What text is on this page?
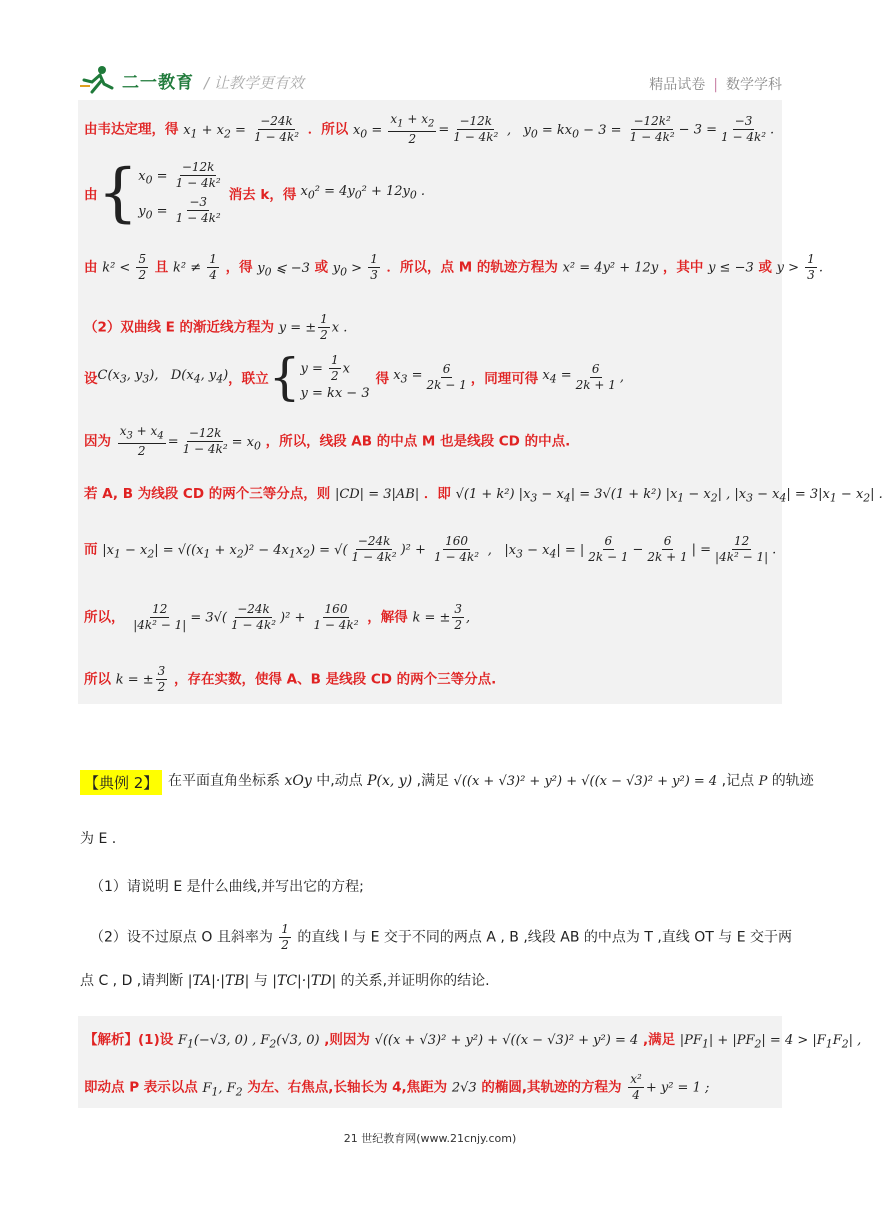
二一教育 / 让教学更有效	精品试卷 | 数学学科
由韦达定理，得 $x_1 + x_2 = \frac{-24k}{\text{1 − 4k²}}$ ．所以 $x_0 = \frac{x_1 + x_2}{2} = \frac{-12k}{\text{1 − 4k²}}$ ,   $y_0 = kx_0 - 3 = \frac{\text{−12k²}}{\text{1 − 4k²}} - 3 = \frac{-3}{\text{1 − 4k²}}$ .
由 { $x_0 = \frac{-12k}{\text{1 − 4k²}}$
$y_0 = \frac{-3}{\text{1 − 4k²}}$ 消去 k，得 $x_0^2 = 4y_0^2 + 12y_0$ .
由 $k^2 < \frac{5}{2}$ 且 $k^2 \ne \frac{1}{4}$ ，得 $y_0$ ⩽ −3 或 $y_0 > \frac{1}{3}$ ．所以，点 M 的轨迹方程为 x² = 4y² + 12y ，其中 y ≤ −3 或 $y > \frac{1}{3}$ .
（2）双曲线 E 的渐近线方程为 y = ± $\frac{1}{2}$ x .
设 $C(x_3$, $y_3$),   $D(x_4$, $y_4$) ，联立 { $y = \frac{1}{2}$ x
y = kx − 3
得 $x_3 = \frac{6}{2k - 1}$ ，同理可得 $x_4 = \frac{6}{2k + 1}$ ,
因为 $\frac{x_3 + x_4}{2} = \frac{-12k}{\text{1 − 4k²}} = x_0$ ，所以，线段 AB 的中点 M 也是线段 CD 的中点.
若 A, B 为线段 CD 的两个三等分点，则 |CD| = 3|AB| ．即 √(1 + k²) $|x_3 - x_4| = 3√(1 + k^2) |x_1 - x_2|$ , $|x_3 - x_4| = 3|x_1 - x_2|$ .
而 $|x_1 - x_2| = √((x_1 + x_2)^2 - 4x_1x_2)$ = √( $\frac{-24k}{\text{1 − 4k²}} )^2 + \frac{160}{\text{1 − 4k²}}$ ,   $|x_3 - x_4|$ = | $\frac{6}{2k - 1} - \frac{6}{2k + 1}$ | = $\frac{12}{\text{|4k² − 1|}}$ .
所以， $\frac{12}{\text{|4k² − 1|}} = 3√( \frac{-24k}{\text{1 − 4k²}} )^2 + \frac{160}{\text{1 − 4k²}}$ ，解得 k = ± $\frac{3}{2}$ ,
所以 k = ± $\frac{3}{2}$ ，存在实数，使得 A、B 是线段 CD 的两个三等分点.
【典例 2】 在平面直角坐标系 xOy 中,动点 P(x, y) ,满足 √((x + √3)² + y²) + √((x − √3)² + y²) = 4 ,记点 P 的轨迹
为 E .
（1）请说明 E 是什么曲线,并写出它的方程;
（2）设不过原点 O 且斜率为 $\frac{1}{2}$ 的直线 l 与 E 交于不同的两点 A , B ,线段 AB 的中点为 T ,直线 OT 与 E 交于两
点 C , D ,请判断 |TA|·|TB| 与 |TC|·|TD| 的关系,并证明你的结论.
【解析】(1)设 $F_1(-√3$, 0) , $F_2(√3$, 0) ,则因为 √((x + √3)² + y²) + √((x − √3)² + y²) = 4 ,满足 $|PF_1| + |PF_2| = 4 > |F_1F_2|$ ,
即动点 P 表示以点 $F_1$, $F_2$ 为左、右焦点,长轴长为 4,焦距为 2√3 的椭圆,其轨迹的方程为 $\frac{\text{x²}}{4} + y^2 = 1$ ;
21 世纪教育网(www.21cnjy.com)
